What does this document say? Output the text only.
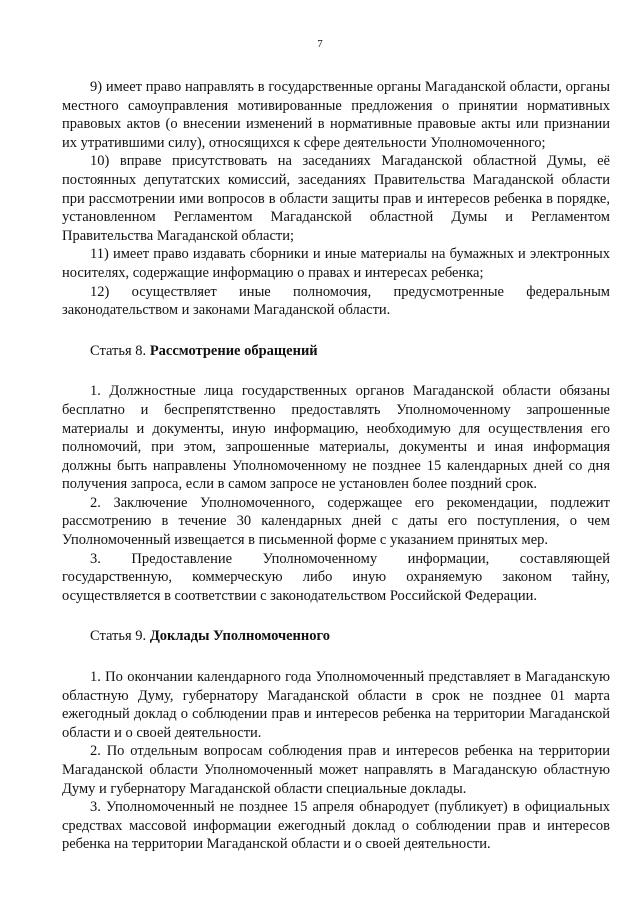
7

9) имеет право направлять в государственные органы Магаданской области, органы местного самоуправления мотивированные предложения о принятии нормативных правовых актов (о внесении изменений в нормативные правовые акты или признании их утратившими силу), относящихся к сфере деятельности Уполномоченного;

10) вправе присутствовать на заседаниях Магаданской областной Думы, её постоянных депутатских комиссий, заседаниях Правительства Магаданской области при рассмотрении ими вопросов в области защиты прав и интересов ребенка в порядке, установленном Регламентом Магаданской областной Думы и Регламентом Правительства Магаданской области;

11) имеет право издавать сборники и иные материалы на бумажных и электронных носителях, содержащие информацию о правах и интересах ребенка;

12) осуществляет иные полномочия, предусмотренные федеральным законодательством и законами Магаданской области.

Статья 8. Рассмотрение обращений

1. Должностные лица государственных органов Магаданской области обязаны бесплатно и беспрепятственно предоставлять Уполномоченному запрошенные материалы и документы, иную информацию, необходимую для осуществления его полномочий, при этом, запрошенные материалы, документы и иная информация должны быть направлены Уполномоченному не позднее 15 календарных дней со дня получения запроса, если в самом запросе не установлен более поздний срок.

2. Заключение Уполномоченного, содержащее его рекомендации, подлежит рассмотрению в течение 30 календарных дней с даты его поступления, о чем Уполномоченный извещается в письменной форме с указанием принятых мер.

3. Предоставление Уполномоченному информации, составляющей государственную, коммерческую либо иную охраняемую законом тайну, осуществляется в соответствии с законодательством Российской Федерации.

Статья 9. Доклады Уполномоченного

1. По окончании календарного года Уполномоченный представляет в Магаданскую областную Думу, губернатору Магаданской области в срок не позднее 01 марта ежегодный доклад о соблюдении прав и интересов ребенка на территории Магаданской области и о своей деятельности.

2. По отдельным вопросам соблюдения прав и интересов ребенка на территории Магаданской области Уполномоченный может направлять в Магаданскую областную Думу и губернатору Магаданской области специальные доклады.

3. Уполномоченный не позднее 15 апреля обнародует (публикует) в официальных средствах массовой информации ежегодный доклад о соблюдении прав и интересов ребенка на территории Магаданской области и о своей деятельности.
